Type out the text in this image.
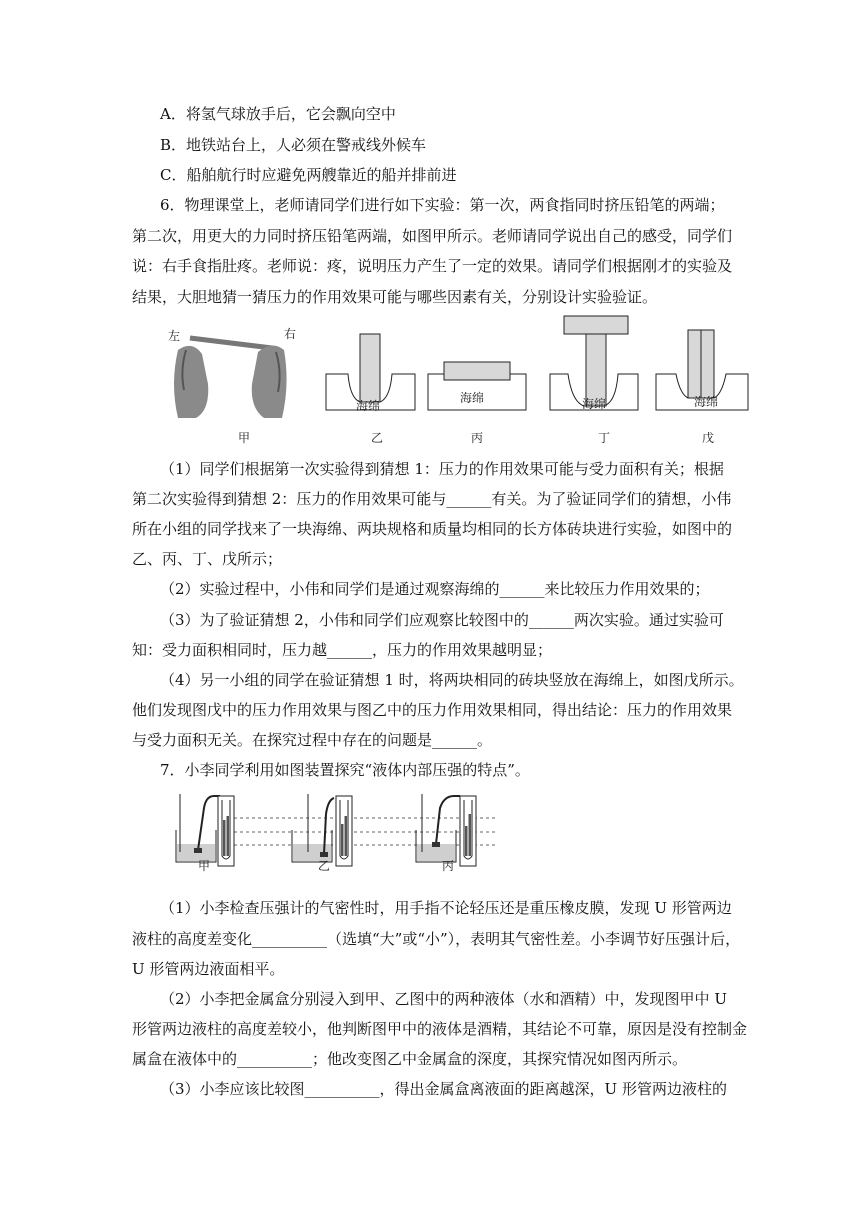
A．将氢气球放手后，它会飘向空中
B．地铁站台上，人必须在警戒线外候车
C．船舶航行时应避免两艘靠近的船并排前进
6．物理课堂上，老师请同学们进行如下实验：第一次，两食指同时挤压铅笔的两端；
第二次，用更大的力同时挤压铅笔两端，如图甲所示。老师请同学说出自己的感受，同学们
说：右手食指肚疼。老师说：疼，说明压力产生了一定的效果。请同学们根据刚才的实验及
结果，大胆地猜一猜压力的作用效果可能与哪些因素有关，分别设计实验验证。
左	右
海绵
海绵	海绵	海绵
甲	乙	丙	丁	戊
（1）同学们根据第一次实验得到猜想 1：压力的作用效果可能与受力面积有关；根据
第二次实验得到猜想 2：压力的作用效果可能与______有关。为了验证同学们的猜想，小伟
所在小组的同学找来了一块海绵、两块规格和质量均相同的长方体砖块进行实验，如图中的
乙、丙、丁、戊所示；
（2）实验过程中，小伟和同学们是通过观察海绵的______来比较压力作用效果的；
（3）为了验证猜想 2，小伟和同学们应观察比较图中的______两次实验。通过实验可
知：受力面积相同时，压力越______，压力的作用效果越明显；
（4）另一小组的同学在验证猜想 1 时，将两块相同的砖块竖放在海绵上，如图戊所示。
他们发现图戊中的压力作用效果与图乙中的压力作用效果相同，得出结论：压力的作用效果
与受力面积无关。在探究过程中存在的问题是______。
7．小李同学利用如图装置探究“液体内部压强的特点”。
甲	乙	丙
（1）小李检查压强计的气密性时，用手指不论轻压还是重压橡皮膜，发现 U 形管两边
液柱的高度差变化__________（选填“大”或“小”），表明其气密性差。小李调节好压强计后，
U 形管两边液面相平。
（2）小李把金属盒分别浸入到甲、乙图中的两种液体（水和酒精）中，发现图甲中 U
形管两边液柱的高度差较小，他判断图甲中的液体是酒精，其结论不可靠，原因是没有控制金
属盒在液体中的__________；他改变图乙中金属盒的深度，其探究情况如图丙所示。
（3）小李应该比较图__________，得出金属盒离液面的距离越深，U 形管两边液柱的
